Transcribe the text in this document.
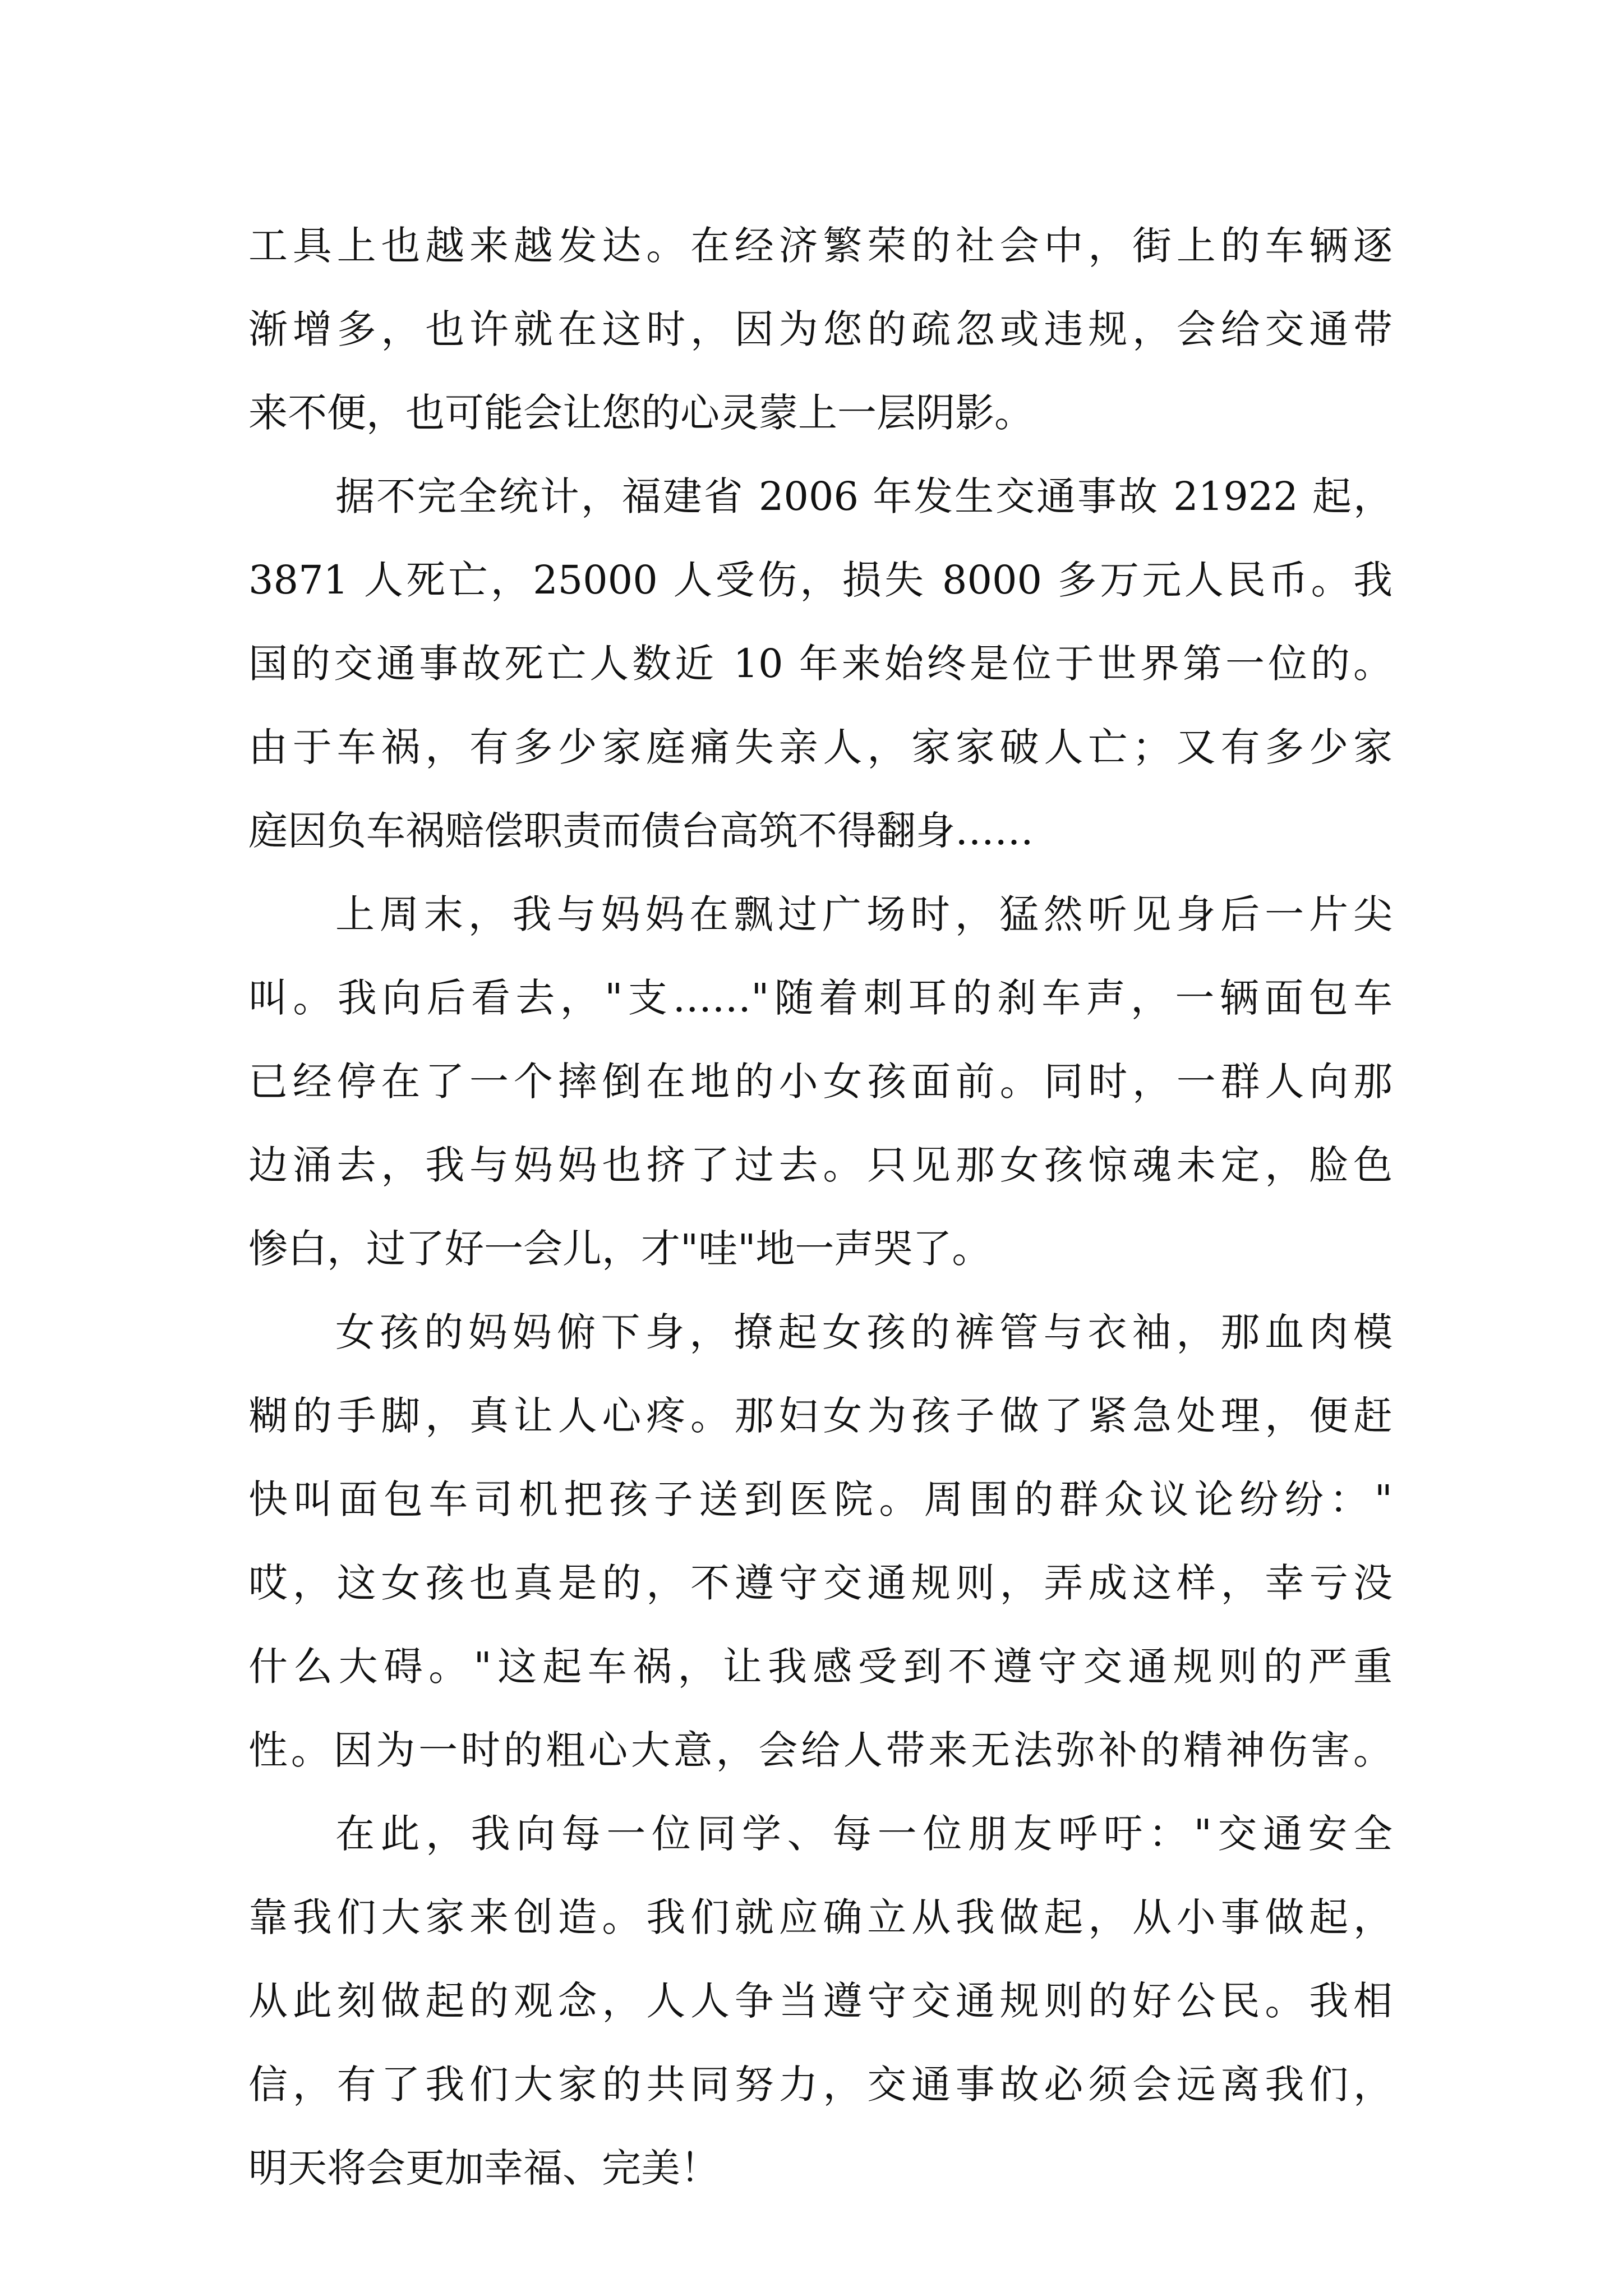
工具上也越来越发达。在经济繁荣的社会中，街上的车辆逐

渐增多，也许就在这时，因为您的疏忽或违规，会给交通带

来不便，也可能会让您的心灵蒙上一层阴影。

据不完全统计，福建省 2006 年发生交通事故 21922 起，

3871 人死亡，25000 人受伤，损失 8000 多万元人民币。我

国的交通事故死亡人数近 10 年来始终是位于世界第一位的。

由于车祸，有多少家庭痛失亲人，家家破人亡；又有多少家

庭因负车祸赔偿职责而债台高筑不得翻身……

上周末，我与妈妈在飘过广场时，猛然听见身后一片尖

叫。我向后看去，"支……"随着刺耳的刹车声，一辆面包车

已经停在了一个摔倒在地的小女孩面前。同时，一群人向那

边涌去，我与妈妈也挤了过去。只见那女孩惊魂未定，脸色

惨白，过了好一会儿，才"哇"地一声哭了。

女孩的妈妈俯下身，撩起女孩的裤管与衣袖，那血肉模

糊的手脚，真让人心疼。那妇女为孩子做了紧急处理，便赶

快叫面包车司机把孩子送到医院。周围的群众议论纷纷："

哎，这女孩也真是的，不遵守交通规则，弄成这样，幸亏没

什么大碍。"这起车祸，让我感受到不遵守交通规则的严重

性。因为一时的粗心大意，会给人带来无法弥补的精神伤害。

在此，我向每一位同学、每一位朋友呼吁："交通安全

靠我们大家来创造。我们就应确立从我做起，从小事做起，

从此刻做起的观念，人人争当遵守交通规则的好公民。我相

信，有了我们大家的共同努力，交通事故必须会远离我们，

明天将会更加幸福、完美！
